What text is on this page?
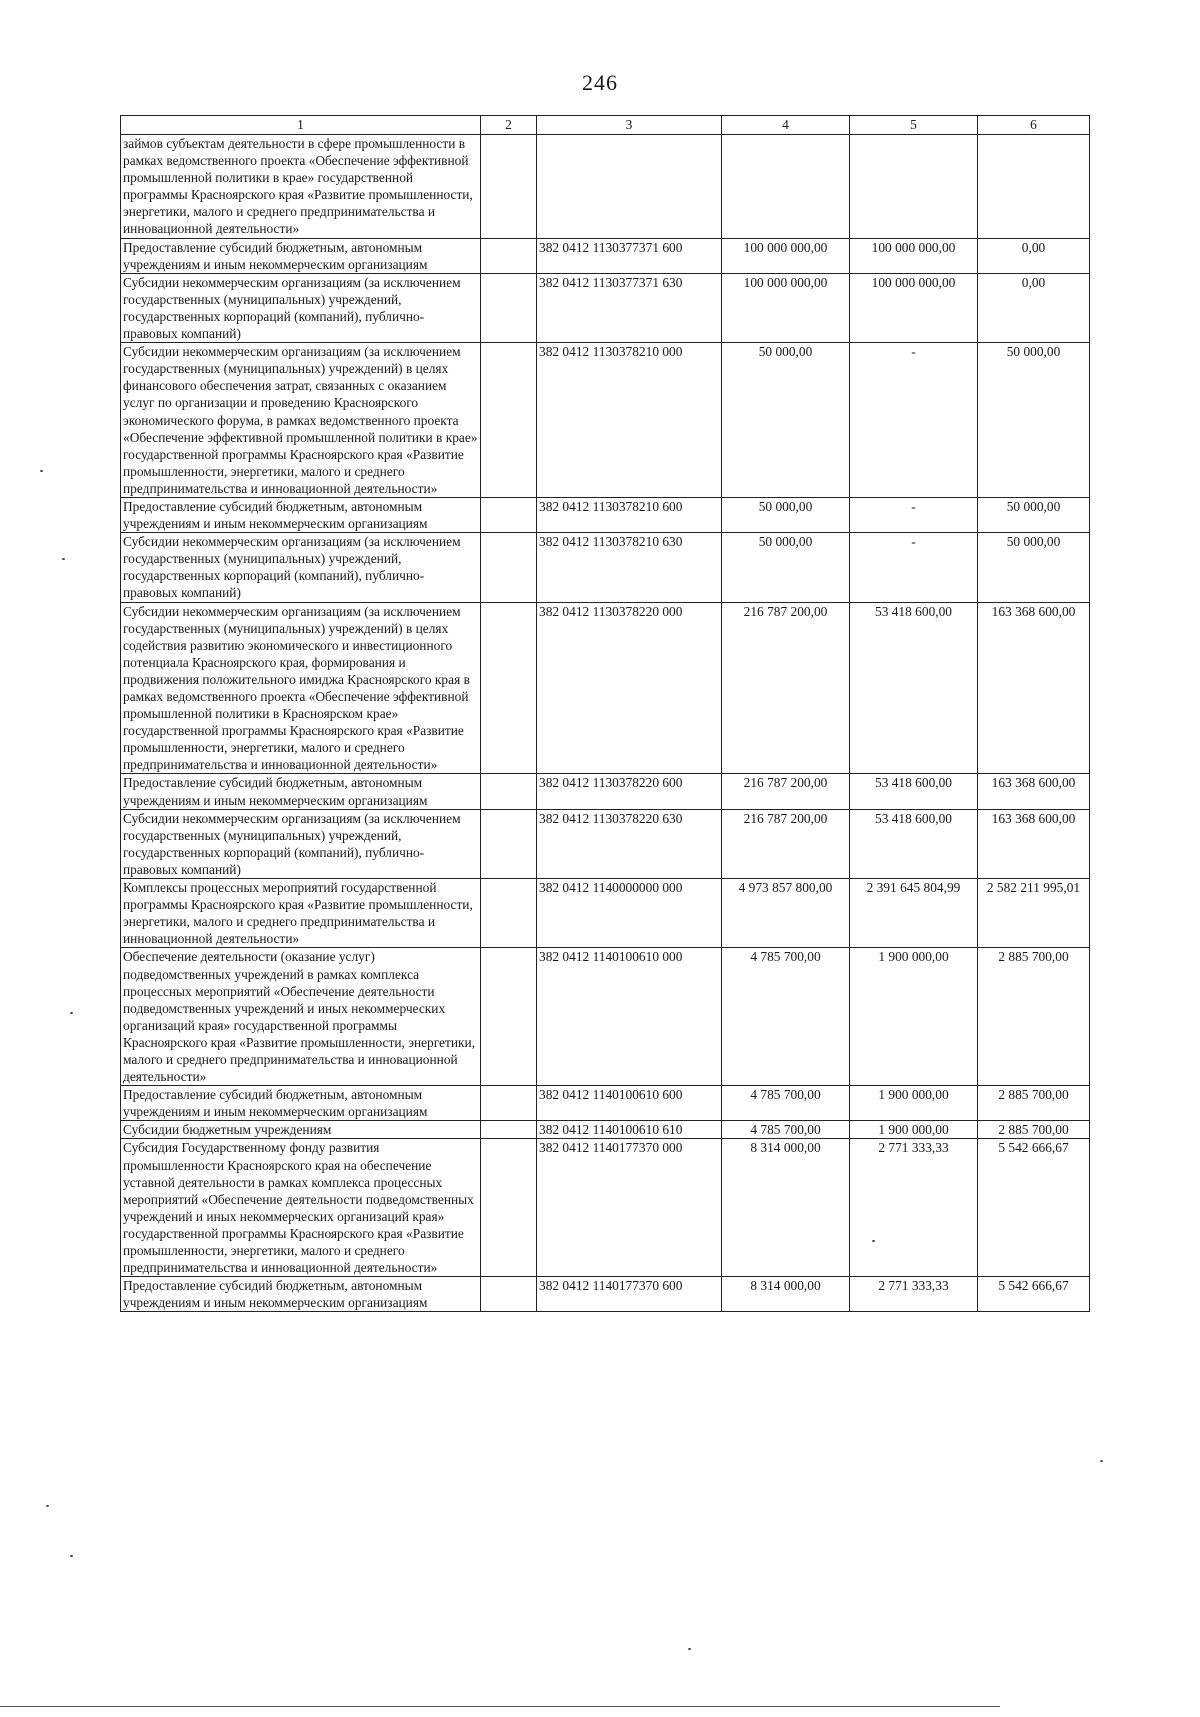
246
1	2	3	4	5	6
займов субъектам деятельности в сфере промышленности в рамках ведомственного проекта «Обеспечение эффективной промышленной политики в крае» государственной программы Красноярского края «Развитие промышленности, энергетики, малого и среднего предпринимательства и инновационной деятельности»					
Предоставление субсидий бюджетным, автономным учреждениям и иным некоммерческим организациям		382 0412 1130377371 600	100 000 000,00	100 000 000,00	0,00
Субсидии некоммерческим организациям (за исключением государственных (муниципальных) учреждений, государственных корпораций (компаний), публично-правовых компаний)		382 0412 1130377371 630	100 000 000,00	100 000 000,00	0,00
Субсидии некоммерческим организациям (за исключением государственных (муниципальных) учреждений) в целях финансового обеспечения затрат, связанных с оказанием услуг по организации и проведению Красноярского экономического форума, в рамках ведомственного проекта «Обеспечение эффективной промышленной политики в крае» государственной программы Красноярского края «Развитие промышленности, энергетики, малого и среднего предпринимательства и инновационной деятельности»		382 0412 1130378210 000	50 000,00	-	50 000,00
Предоставление субсидий бюджетным, автономным учреждениям и иным некоммерческим организациям		382 0412 1130378210 600	50 000,00	-	50 000,00
Субсидии некоммерческим организациям (за исключением государственных (муниципальных) учреждений, государственных корпораций (компаний), публично-правовых компаний)		382 0412 1130378210 630	50 000,00	-	50 000,00
Субсидии некоммерческим организациям (за исключением государственных (муниципальных) учреждений) в целях содействия развитию экономического и инвестиционного потенциала Красноярского края, формирования и продвижения положительного имиджа Красноярского края в рамках ведомственного проекта «Обеспечение эффективной промышленной политики в Красноярском крае» государственной программы Красноярского края «Развитие промышленности, энергетики, малого и среднего предпринимательства и инновационной деятельности»		382 0412 1130378220 000	216 787 200,00	53 418 600,00	163 368 600,00
Предоставление субсидий бюджетным, автономным учреждениям и иным некоммерческим организациям		382 0412 1130378220 600	216 787 200,00	53 418 600,00	163 368 600,00
Субсидии некоммерческим организациям (за исключением государственных (муниципальных) учреждений, государственных корпораций (компаний), публично-правовых компаний)		382 0412 1130378220 630	216 787 200,00	53 418 600,00	163 368 600,00
Комплексы процессных мероприятий государственной программы Красноярского края «Развитие промышленности, энергетики, малого и среднего предпринимательства и инновационной деятельности»		382 0412 1140000000 000	4 973 857 800,00	2 391 645 804,99	2 582 211 995,01
Обеспечение деятельности (оказание услуг) подведомственных учреждений в рамках комплекса процессных мероприятий «Обеспечение деятельности подведомственных учреждений и иных некоммерческих организаций края» государственной программы Красноярского края «Развитие промышленности, энергетики, малого и среднего предпринимательства и инновационной деятельности»		382 0412 1140100610 000	4 785 700,00	1 900 000,00	2 885 700,00
Предоставление субсидий бюджетным, автономным учреждениям и иным некоммерческим организациям		382 0412 1140100610 600	4 785 700,00	1 900 000,00	2 885 700,00
Субсидии бюджетным учреждениям		382 0412 1140100610 610	4 785 700,00	1 900 000,00	2 885 700,00
Субсидия Государственному фонду развития промышленности Красноярского края на обеспечение уставной деятельности в рамках комплекса процессных мероприятий «Обеспечение деятельности подведомственных учреждений и иных некоммерческих организаций края» государственной программы Красноярского края «Развитие промышленности, энергетики, малого и среднего предпринимательства и инновационной деятельности»		382 0412 1140177370 000	8 314 000,00	2 771 333,33	5 542 666,67
Предоставление субсидий бюджетным, автономным учреждениям и иным некоммерческим организациям		382 0412 1140177370 600	8 314 000,00	2 771 333,33	5 542 666,67
